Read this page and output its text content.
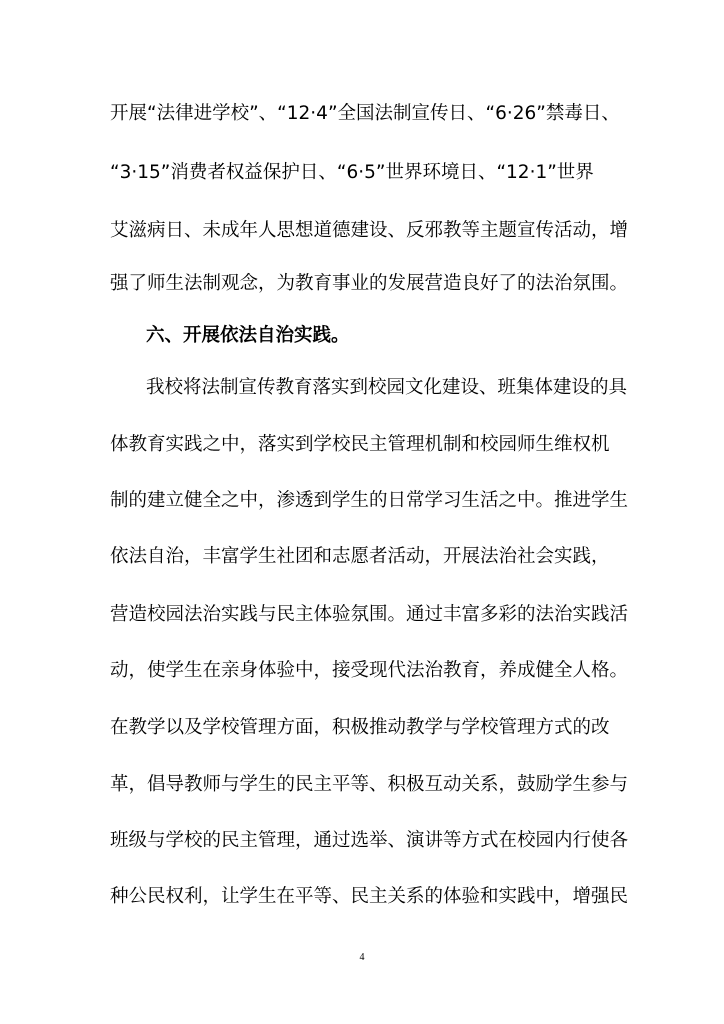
开展“法律进学校”、“12·4”全国法制宣传日、“6·26”禁毒日、
“3·15”消费者权益保护日、“6·5”世界环境日、“12·1”世界
艾滋病日、未成年人思想道德建设、反邪教等主题宣传活动，增
强了师生法制观念，为教育事业的发展营造良好了的法治氛围。
六、开展依法自治实践。
我校将法制宣传教育落实到校园文化建设、班集体建设的具
体教育实践之中，落实到学校民主管理机制和校园师生维权机
制的建立健全之中，渗透到学生的日常学习生活之中。推进学生
依法自治，丰富学生社团和志愿者活动，开展法治社会实践，
营造校园法治实践与民主体验氛围。通过丰富多彩的法治实践活
动，使学生在亲身体验中，接受现代法治教育，养成健全人格。
在教学以及学校管理方面，积极推动教学与学校管理方式的改
革，倡导教师与学生的民主平等、积极互动关系，鼓励学生参与
班级与学校的民主管理，通过选举、演讲等方式在校园内行使各
种公民权利，让学生在平等、民主关系的体验和实践中，增强民
4
